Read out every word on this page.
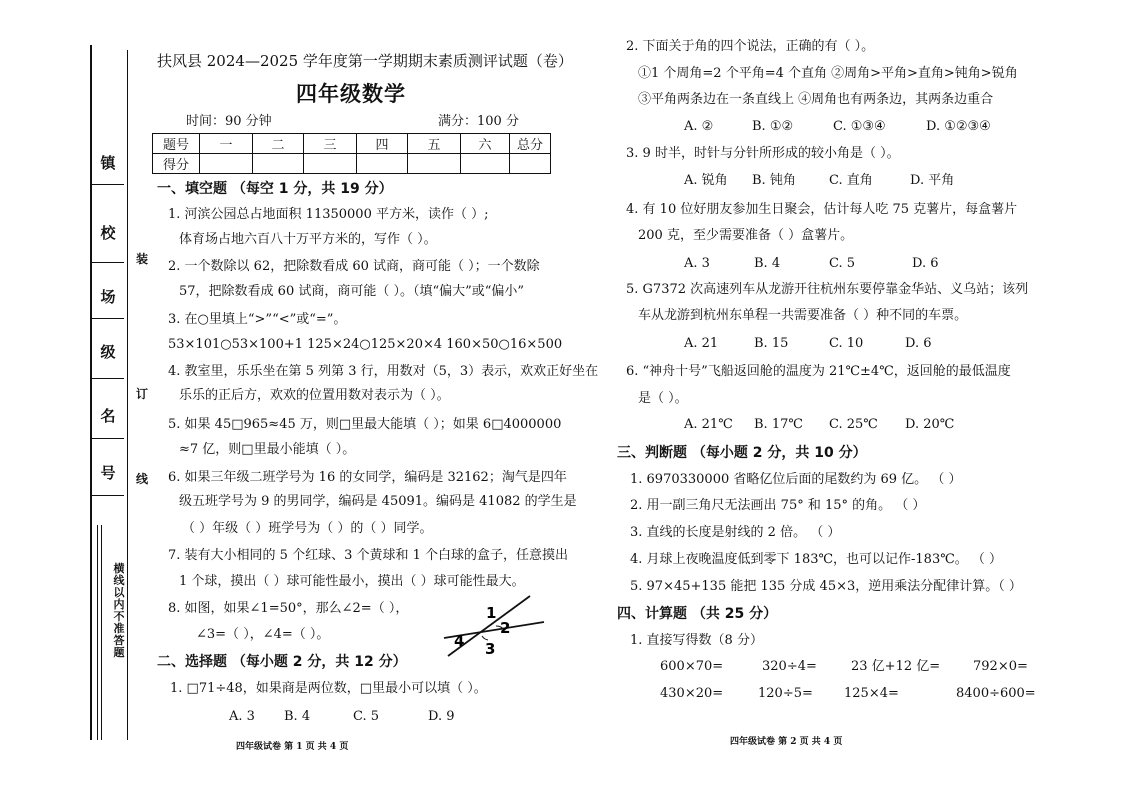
镇
校
场
级
名
号
装
订
线
横线以内不准答题
扶风县 2024—2025 学年度第一学期期末素质测评试题（卷）
四年级数学
时间：90 分钟	满分：100 分
题号	一	二	三	四	五	六	总分
得分							
一、填空题 （每空 1 分，共 19 分）
1. 河滨公园总占地面积 11350000 平方米，读作（ ）;
体育场占地六百八十万平方米的，写作（ ）。
2. 一个数除以 62，把除数看成 60 试商，商可能（ ）；一个数除
57，把除数看成 60 试商，商可能（ ）。（填“偏大”或“偏小”
3. 在○里填上“>”“<”或“=”。
53×101○53×100+1 125×24○125×20×4 160×50○16×500
4. 教室里，乐乐坐在第 5 列第 3 行，用数对（5，3）表示，欢欢正好坐在
乐乐的正后方，欢欢的位置用数对表示为（ ）。
5. 如果 45□965≈45 万，则□里最大能填（ ）；如果 6□4000000
≈7 亿，则□里最小能填（ ）。
6. 如果三年级二班学号为 16 的女同学，编码是 32162；淘气是四年
级五班学号为 9 的男同学，编码是 45091。编码是 41082 的学生是
（ ）年级（ ）班学号为（ ）的（ ）同学。
7. 装有大小相同的 5 个红球、3 个黄球和 1 个白球的盒子，任意摸出
1 个球，摸出（ ）球可能性最小，摸出（ ）球可能性最大。
8. 如图，如果∠1=50°，那么∠2=（ ），
∠3=（ ），∠4=（ ）。
1
2
3
4
二、选择题 （每小题 2 分，共 12 分）
1. □71÷48，如果商是两位数，□里最小可以填（ ）。
A. 3 B. 4	C. 5	D. 9
四年级试卷 第 1 页 共 4 页
2. 下面关于角的四个说法，正确的有（ ）。
①1 个周角=2 个平角=4 个直角 ②周角>平角>直角>钝角>锐角
③平角两条边在一条直线上 ④周角也有两条边，其两条边重合
A. ②	B. ①②	C. ①③④	D. ①②③④
3. 9 时半，时针与分针所形成的较小角是（ ）。
A. 锐角 B. 钝角	C. 直角	D. 平角
4. 有 10 位好朋友参加生日聚会，估计每人吃 75 克薯片，每盒薯片
200 克，至少需要准备（ ）盒薯片。
A. 3	B. 4	C. 5	D. 6
5. G7372 次高速列车从龙游开往杭州东要停靠金华站、义乌站；该列
车从龙游到杭州东单程一共需要准备（ ）种不同的车票。
A. 21	B. 15	C. 10	D. 6
6. “神舟十号”飞船返回舱的温度为 21℃±4℃，返回舱的最低温度
是（ ）。
A. 21℃ B. 17℃ C. 25℃ D. 20℃
三、判断题 （每小题 2 分，共 10 分）
1. 6970330000 省略亿位后面的尾数约为 69 亿。 （ ）
2. 用一副三角尺无法画出 75° 和 15° 的角。 （ ）
3. 直线的长度是射线的 2 倍。 （ ）
4. 月球上夜晚温度低到零下 183℃，也可以记作-183℃。 （ ）
5. 97×45+135 能把 135 分成 45×3，逆用乘法分配律计算。（ ）
四、计算题 （共 25 分）
1. 直接写得数（8 分）
600×70=	320÷4=	23 亿+12 亿=	792×0=
430×20=	120÷5= 125×4=	8400÷600=
四年级试卷 第 2 页 共 4 页
